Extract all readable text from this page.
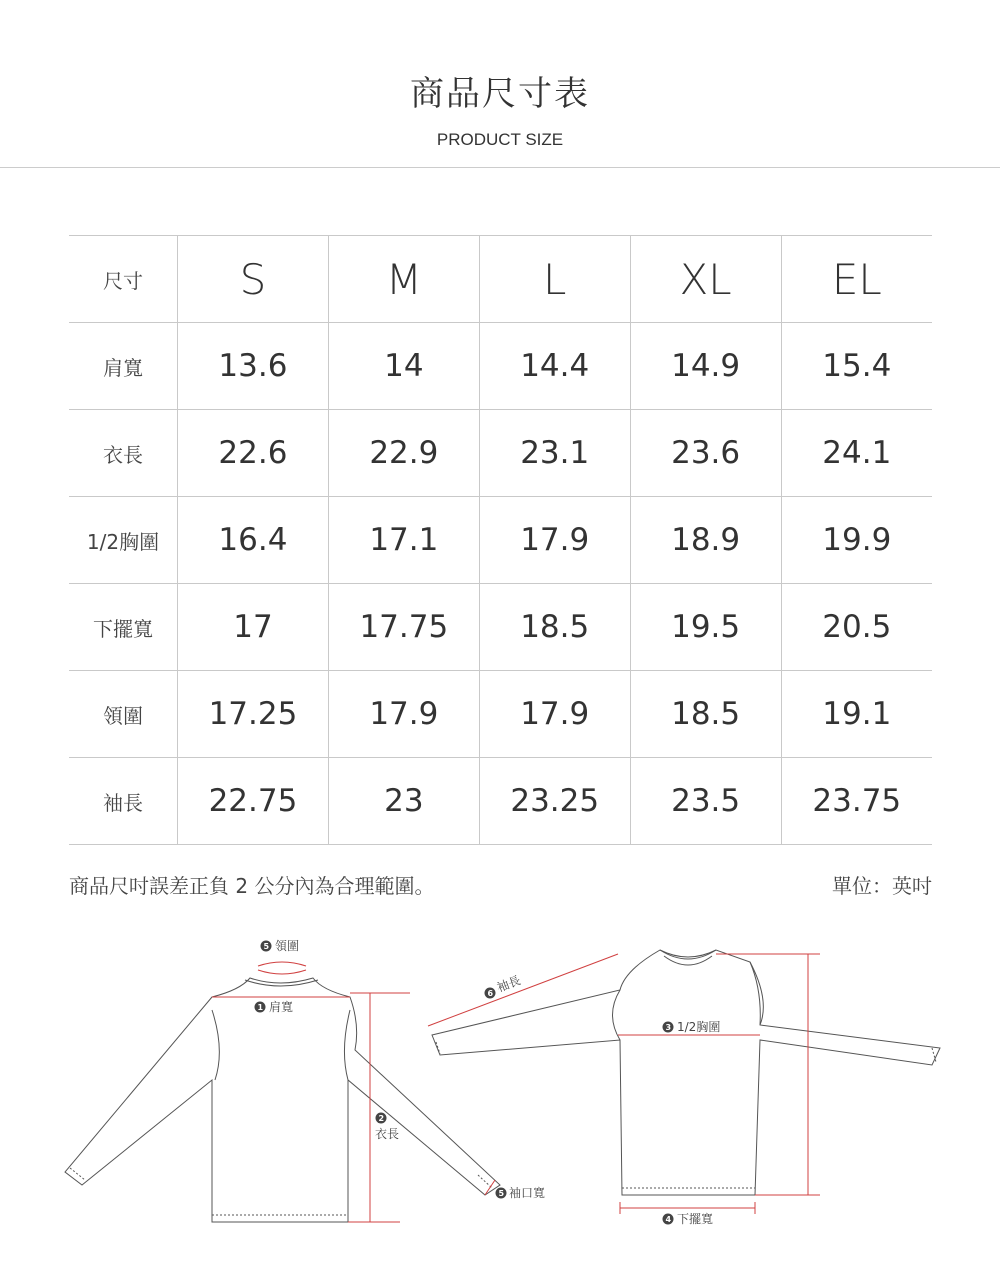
商品尺寸表
PRODUCT SIZE
尺寸	S	M	L	XL	EL
肩寬	13.6	14	14.4	14.9	15.4
衣長	22.6	22.9	23.1	23.6	24.1
1/2胸圍	16.4	17.1	17.9	18.9	19.9
下擺寬	17	17.75	18.5	19.5	20.5
領圍	17.25	17.9	17.9	18.5	19.1
袖長	22.75	23	23.25	23.5	23.75
商品尺吋誤差正負 2 公分內為合理範圍。	單位：英吋
5 領圍
1 肩寬
2
衣長
5 袖口寬
6 袖長
3 1/2胸圍
4 下擺寬
